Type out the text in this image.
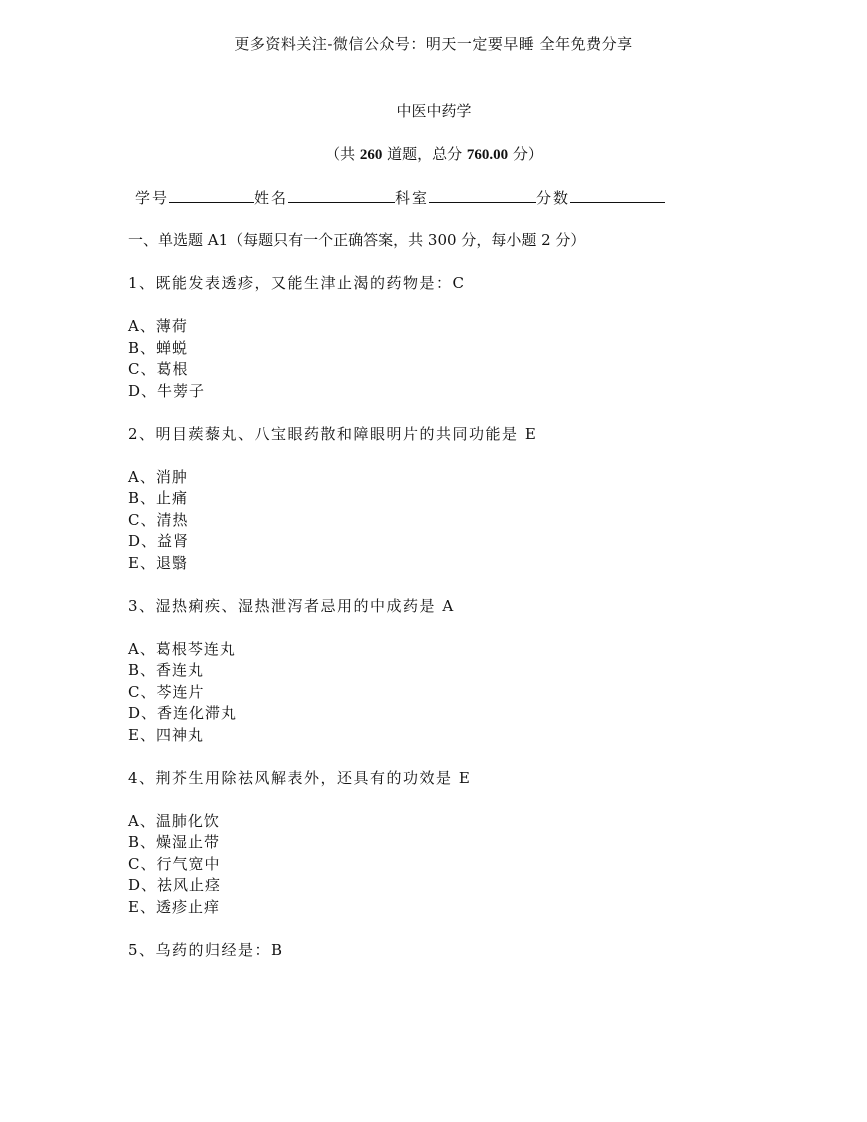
更多资料关注-微信公众号：明天一定要早睡 全年免费分享
中医中药学
（共 260 道题，总分 760.00 分）
学号	姓名	科室	分数
一、单选题 A1（每题只有一个正确答案，共 300 分，每小题 2 分）
1、既能发表透疹，又能生津止渴的药物是：C
A、薄荷
B、蝉蜕
C、葛根
D、牛蒡子
2、明目蒺藜丸、八宝眼药散和障眼明片的共同功能是 E
A、消肿
B、止痛
C、清热
D、益肾
E、退翳
3、湿热痢疾、湿热泄泻者忌用的中成药是 A
A、葛根芩连丸
B、香连丸
C、芩连片
D、香连化滞丸
E、四神丸
4、荆芥生用除祛风解表外，还具有的功效是 E
A、温肺化饮
B、燥湿止带
C、行气宽中
D、祛风止痉
E、透疹止痒
5、乌药的归经是：B
